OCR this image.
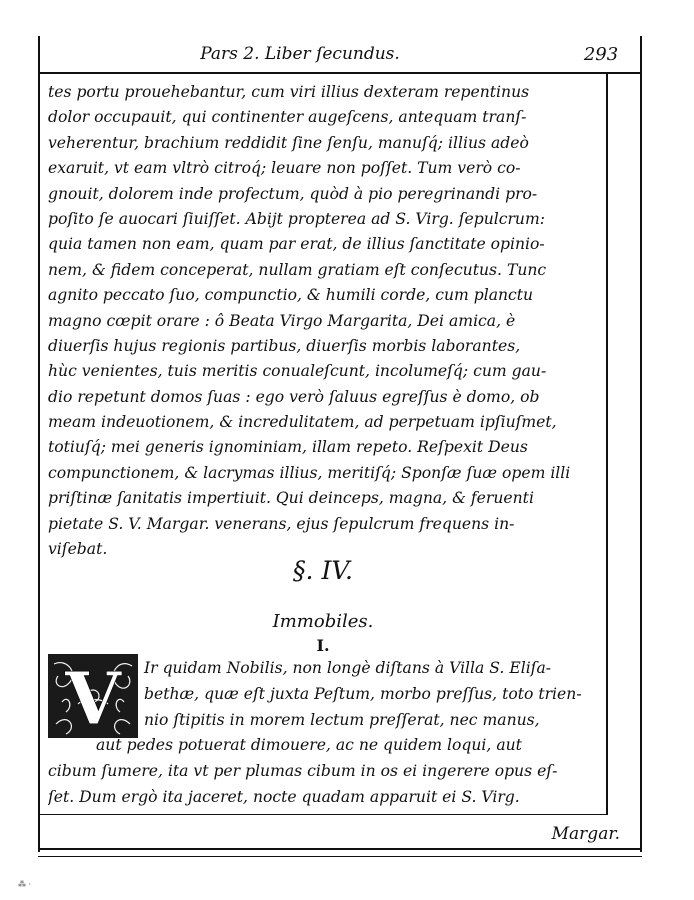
Pars 2. Liber ſecundus.	293
tes portu prouehebantur, cum viri illius dexteram repentinus
dolor occupauit, qui continenter augeſcens, antequam tranſ-
veherentur, brachium reddidit ſine ſenſu, manuſq́; illius adeò
exaruit, vt eam vltrò citroq́; leuare non poſſet. Tum verò co-
gnouit, dolorem inde profectum, quòd à pio peregrinandi pro-
poſito ſe auocari ſiuiſſet. Abijt propterea ad S. Virg. ſepulcrum:
quia tamen non eam, quam par erat, de illius ſanctitate opinio-
nem, & fidem conceperat, nullam gratiam eſt conſecutus. Tunc
agnito peccato ſuo, compunctio, & humili corde, cum planctu
magno cœpit orare : ô Beata Virgo Margarita, Dei amica, è
diuerſis hujus regionis partibus, diuerſis morbis laborantes,
hùc venientes, tuis meritis conualeſcunt, incolumeſq́; cum gau-
dio repetunt domos ſuas : ego verò ſaluus egreſſus è domo, ob
meam indeuotionem, & incredulitatem, ad perpetuam ipſiuſmet,
totiuſq́; mei generis ignominiam, illam repeto. Reſpexit Deus
compunctionem, & lacrymas illius, meritiſq́; Sponſæ ſuæ opem illi
priſtinæ ſanitatis impertiuit. Qui deinceps, magna, & feruenti
pietate S. V. Margar. venerans, ejus ſepulcrum frequens in-
viſebat.
§. IV.
Immobiles.
I.
V	Ir quidam Nobilis, non longè diſtans à Villa S. Eliſa-
bethæ, quæ eſt juxta Peſtum, morbo preſſus, toto trien-
nio ſtipitis in morem lectum preſſerat, nec manus,
aut pedes potuerat dimouere, ac ne quidem loqui, aut
cibum ſumere, ita vt per plumas cibum in os ei ingerere opus eſ-
ſet. Dum ergò ita jaceret, nocte quadam apparuit ei S. Virg.
Margar.
⁂ ·
